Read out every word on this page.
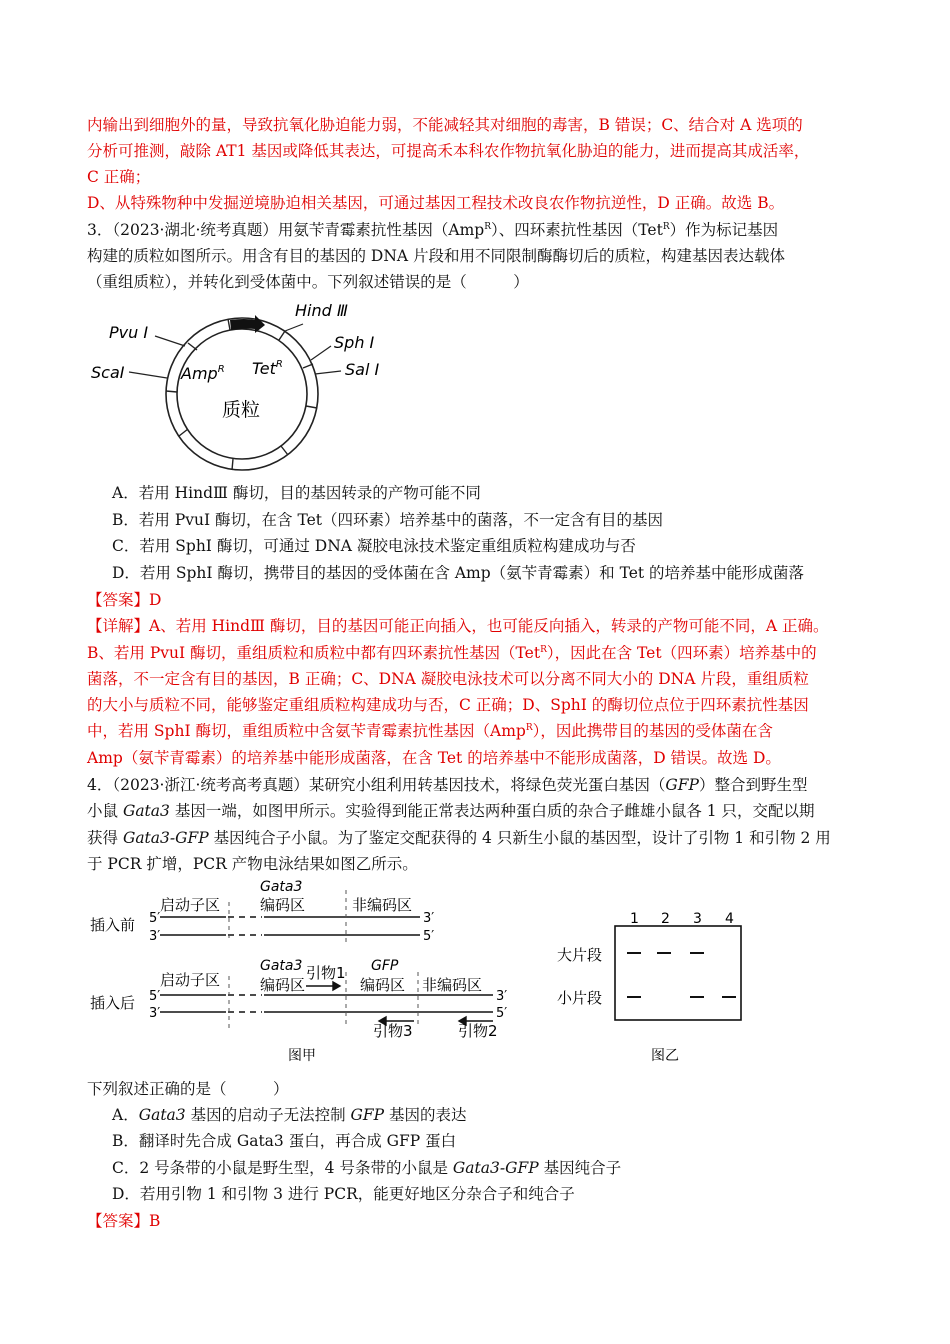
内输出到细胞外的量，导致抗氧化胁迫能力弱，不能减轻其对细胞的毒害，B 错误；C、结合对 A 选项的
分析可推测，敲除 AT1 基因或降低其表达，可提高禾本科农作物抗氧化胁迫的能力，进而提高其成活率，
C 正确；
D、从特殊物种中发掘逆境胁迫相关基因，可通过基因工程技术改良农作物抗逆性，D 正确。故选 B。
3．（2023·湖北·统考真题）用氨苄青霉素抗性基因（Amp$^R$）、四环素抗性基因（Tet$^R$）作为标记基因
构建的质粒如图所示。用含有目的基因的 DNA 片段和用不同限制酶酶切后的质粒，构建基因表达载体
（重组质粒），并转化到受体菌中。下列叙述错误的是（　　　）
Hind Ⅲ
Pvu Ⅰ
Sph Ⅰ
Sal Ⅰ
ScaⅠ	Amp$^R$ Tet$^R$
质粒
A．若用 HindⅢ 酶切，目的基因转录的产物可能不同
B．若用 PvuI 酶切，在含 Tet（四环素）培养基中的菌落，不一定含有目的基因
C．若用 SphI 酶切，可通过 DNA 凝胶电泳技术鉴定重组质粒构建成功与否
D．若用 SphI 酶切，携带目的基因的受体菌在含 Amp（氨苄青霉素）和 Tet 的培养基中能形成菌落
【答案】D
【详解】A、若用 HindⅢ 酶切，目的基因可能正向插入，也可能反向插入，转录的产物可能不同，A 正确。
B、若用 PvuI 酶切，重组质粒和质粒中都有四环素抗性基因（Tet$^R$），因此在含 Tet（四环素）培养基中的
菌落，不一定含有目的基因，B 正确；C、DNA 凝胶电泳技术可以分离不同大小的 DNA 片段，重组质粒
的大小与质粒不同，能够鉴定重组质粒构建成功与否，C 正确；D、SphI 的酶切位点位于四环素抗性基因
中，若用 SphI 酶切，重组质粒中含氨苄青霉素抗性基因（Amp$^R$），因此携带目的基因的受体菌在含
Amp（氨苄青霉素）的培养基中能形成菌落，在含 Tet 的培养基中不能形成菌落，D 错误。故选 D。
4．（2023·浙江·统考高考真题）某研究小组利用转基因技术，将绿色荧光蛋白基因（GFP）整合到野生型
小鼠 Gata3 基因一端，如图甲所示。实验得到能正常表达两种蛋白质的杂合子雌雄小鼠各 1 只，交配以期
获得 Gata3-GFP 基因纯合子小鼠。为了鉴定交配获得的 4 只新生小鼠的基因型，设计了引物 1 和引物 2 用
于 PCR 扩增，PCR 产物电泳结果如图乙所示。
插入前
插入后
启动子区
Gata3
编码区	非编码区
5′
3′
3′
5′
启动子区
Gata3
编码区
引物1 GFP
编码区 非编码区
5′
3′
3′
5′
引物3	引物2
图甲
1 2 3 4
大片段
小片段
图乙
下列叙述正确的是（　　　）
A．Gata3 基因的启动子无法控制 GFP 基因的表达
B．翻译时先合成 Gata3 蛋白，再合成 GFP 蛋白
C．2 号条带的小鼠是野生型，4 号条带的小鼠是 Gata3-GFP 基因纯合子
D．若用引物 1 和引物 3 进行 PCR，能更好地区分杂合子和纯合子
【答案】B
